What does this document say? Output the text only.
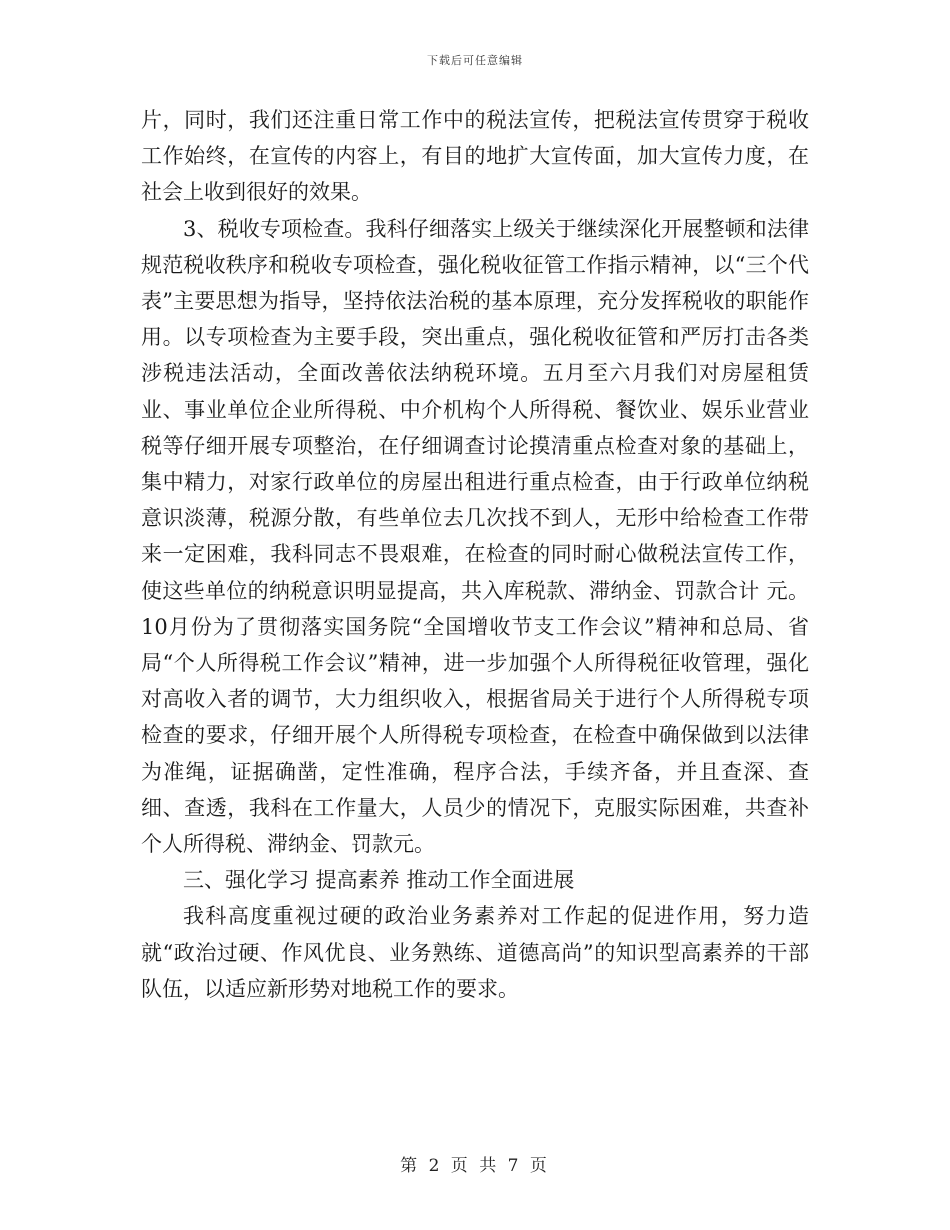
下载后可任意编辑

片，同时，我们还注重日常工作中的税法宣传，把税法宣传贯穿于税收工作始终，在宣传的内容上，有目的地扩大宣传面，加大宣传力度，在社会上收到很好的效果。

3、税收专项检查。我科仔细落实上级关于继续深化开展整顿和法律规范税收秩序和税收专项检查，强化税收征管工作指示精神，以“三个代表”主要思想为指导，坚持依法治税的基本原理，充分发挥税收的职能作用。以专项检查为主要手段，突出重点，强化税收征管和严厉打击各类涉税违法活动，全面改善依法纳税环境。五月至六月我们对房屋租赁业、事业单位企业所得税、中介机构个人所得税、餐饮业、娱乐业营业税等仔细开展专项整治，在仔细调查讨论摸清重点检查对象的基础上，集中精力，对家行政单位的房屋出租进行重点检查，由于行政单位纳税意识淡薄，税源分散，有些单位去几次找不到人，无形中给检查工作带来一定困难，我科同志不畏艰难，在检查的同时耐心做税法宣传工作，使这些单位的纳税意识明显提高，共入库税款、滞纳金、罚款合计 元。10月份为了贯彻落实国务院“全国增收节支工作会议”精神和总局、省局“个人所得税工作会议”精神，进一步加强个人所得税征收管理，强化对高收入者的调节，大力组织收入，根据省局关于进行个人所得税专项检查的要求，仔细开展个人所得税专项检查，在检查中确保做到以法律为准绳，证据确凿，定性准确，程序合法，手续齐备，并且查深、查细、查透，我科在工作量大，人员少的情况下，克服实际困难，共查补个人所得税、滞纳金、罚款元。

三、强化学习 提高素养 推动工作全面进展

我科高度重视过硬的政治业务素养对工作起的促进作用，努力造就“政治过硬、作风优良、业务熟练、道德高尚”的知识型高素养的干部队伍，以适应新形势对地税工作的要求。

第 2 页 共 7 页
